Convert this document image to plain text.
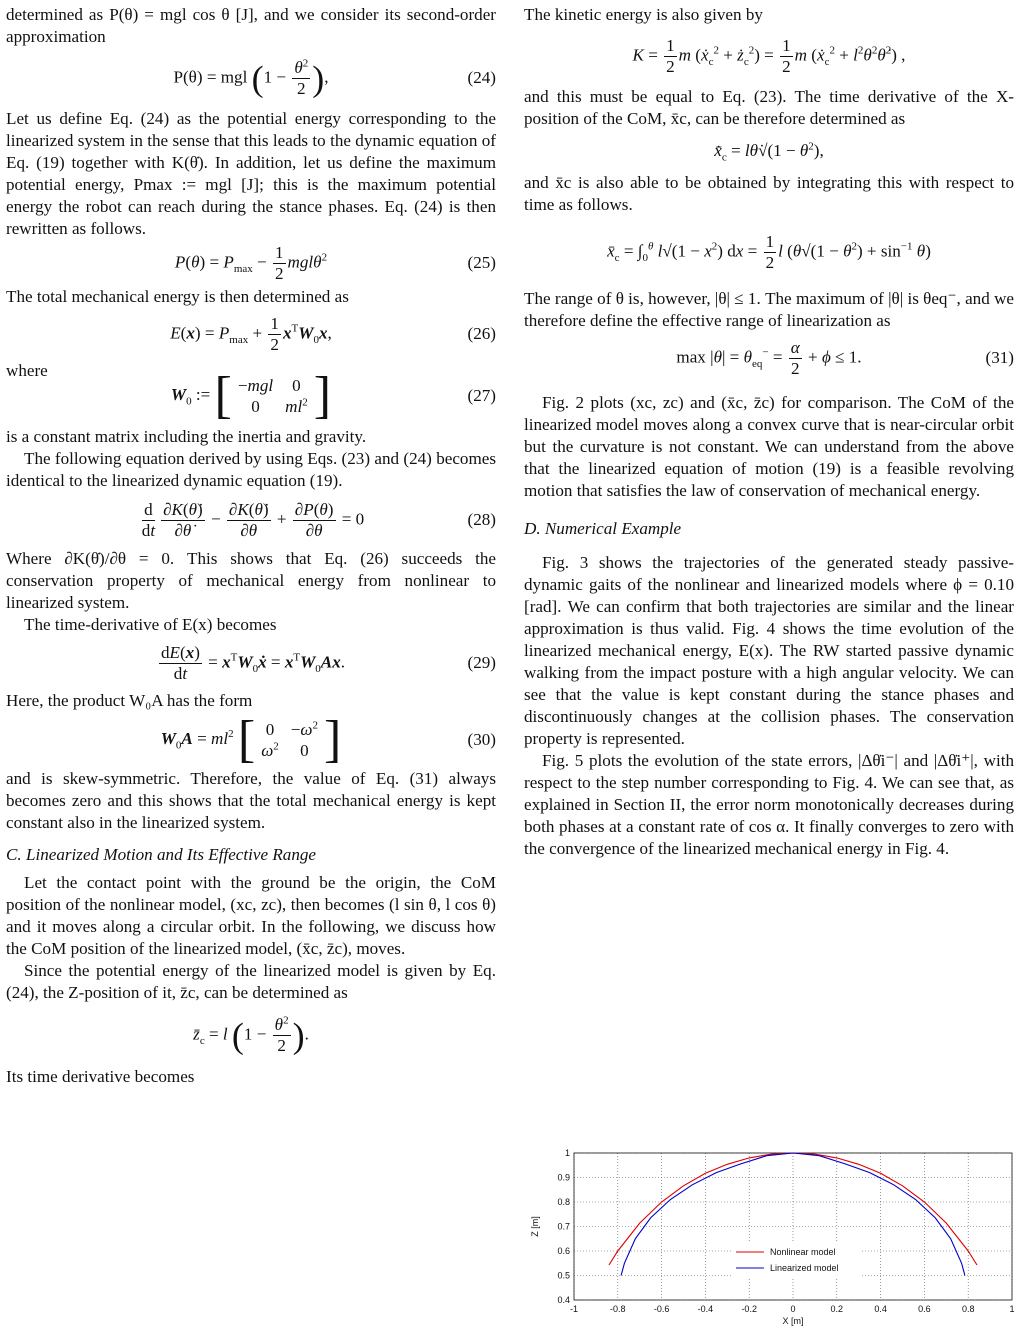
determined as P(θ) = mgl cos θ [J], and we consider its second-order approximation

P(θ) = mgl ($1 - \frac{\theta^2}{2}$ ),	(24)

Let us define Eq. (24) as the potential energy corresponding to the linearized system in the sense that this leads to the dynamic equation of Eq. (19) together with K(θ̇). In addition, let us define the maximum potential energy, Pmax := mgl [J]; this is the maximum potential energy the robot can reach during the stance phases. Eq. (24) is then rewritten as follows.

$P(\theta) = P_{max} - \frac{1}{2} mgl\theta^2$	(25)

The total mechanical energy is then determined as

$E(x) = P_{max} + \frac{1}{2} x^TW_0x$,	(26)

where

$W_0$ := [ −mgl	0
0	$ml^2$ ]	(27)

is a constant matrix including the inertia and gravity.

The following equation derived by using Eqs. (23) and (24) becomes identical to the linearized dynamic equation (19).

$\frac{d}{dt} \frac{\partial K(\thetȧ)}{\partial\thetȧ} - \frac{\partial K(\thetȧ)}{\partial\theta} + \frac{\partial P(\theta)}{\partial\theta} = 0$	(28)

Where ∂K(θ̇)/∂θ = 0. This shows that Eq. (26) succeeds the conservation property of mechanical energy from nonlinear to linearized system.

The time-derivative of E(x) becomes

$\frac{dE(x)}{dt}$ = $x^TW_0ẋ = x^TW_0Ax$.	(29)

Here, the product W₀A has the form

$W_0A = ml^2$ [ 0	$-\omega^2$
$\omega^2$	0 ]	(30)

and is skew-symmetric. Therefore, the value of Eq. (31) always becomes zero and this shows that the total mechanical energy is kept constant also in the linearized system.

C. Linearized Motion and Its Effective Range

Let the contact point with the ground be the origin, the CoM position of the nonlinear model, (xc, zc), then becomes (l sin θ, l cos θ) and it moves along a circular orbit. In the following, we discuss how the CoM position of the linearized model, (x̄c, z̄c), moves.

Since the potential energy of the linearized model is given by Eq. (24), the Z-position of it, z̄c, can be determined as

$z̄_c = l$ ($1 - \frac{\theta^2}{2}$ ).

Its time derivative becomes

The kinetic energy is also given by

$K = \frac{1}{2}$ m (ẋ$_c^2$ + $ż_c^2) = \frac{1}{2}$ m (ẋ$_c^2$ + $l^2\theta^2\thetȧ^2$) ,

and this must be equal to Eq. (23). The time derivative of the X-position of the CoM, x̄c, can be therefore determined as

$x̄̇_c$ = lθ̇√(1 − $\theta^2$),

and x̄c is also able to be obtained by integrating this with respect to time as follows.

$x̄_c = \int_0^\theta$ $l√(1 - x^2)$ dx = $\frac{1}{2}$ l $(\theta√(1 - \theta^2) + \sin^{-1} \theta)$

The range of θ is, however, |θ| ≤ 1. The maximum of |θ| is θeq⁻, and we therefore define the effective range of linearization as

$\max |\theta| = \theta_{eq}^- = \frac{\alpha}{2} + \phi \le 1$.	(31)

Fig. 2 plots (xc, zc) and (x̄c, z̄c) for comparison. The CoM of the linearized model moves along a convex curve that is near-circular orbit but the curvature is not constant. We can understand from the above that the linearized equation of motion (19) is a feasible revolving motion that satisfies the law of conservation of mechanical energy.

D. Numerical Example

Fig. 3 shows the trajectories of the generated steady passive-dynamic gaits of the nonlinear and linearized models where ϕ = 0.10 [rad]. We can confirm that both trajectories are similar and the linear approximation is thus valid. Fig. 4 shows the time evolution of the linearized mechanical energy, E(x). The RW started passive dynamic walking from the impact posture with a high angular velocity. We can see that the value is kept constant during the stance phases and discontinuously changes at the collision phases. The conservation property is represented.

Fig. 5 plots the evolution of the state errors, |Δθ̇i⁻| and |Δθ̇i⁺|, with respect to the step number corresponding to Fig. 4. We can see that, as explained in Section II, the error norm monotonically decreases during both phases at a constant rate of cos α. It finally converges to zero with the convergence of the linearized mechanical energy in Fig. 4.

-1	-0.8	-0.6	-0.4	-0.2	0	0.2	0.4	0.6	0.8	1
0.4
0.5
0.6
0.7
0.8
0.9
1
X [m]
Z [m]
Nonlinear model
Linearized model
